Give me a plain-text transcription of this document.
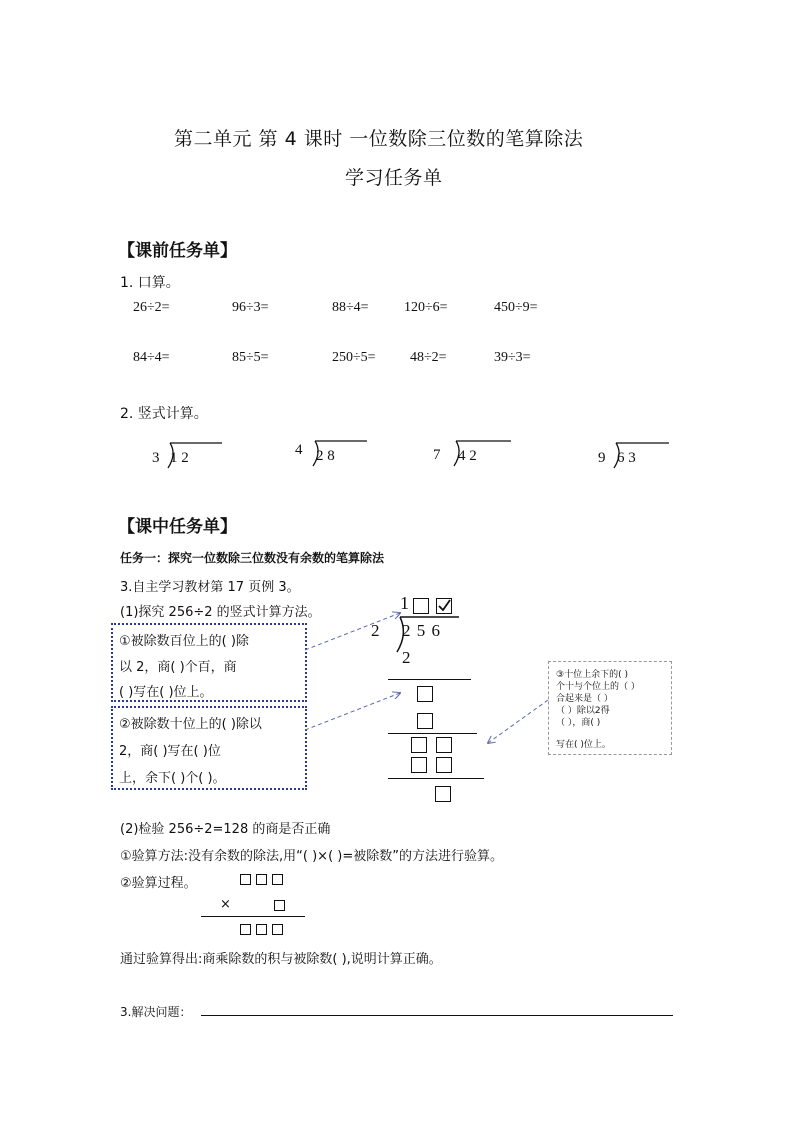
第二单元 第 4 课时 一位数除三位数的笔算除法
学习任务单
【课前任务单】
1. 口算。
26÷2=	96÷3=	88÷4=	120÷6=	450÷9=
84÷4=	85÷5=	250÷5= 48÷2=	39÷3=
2. 竖式计算。
3 1 2	4 2 8	7 4 2	9 6 3
【课中任务单】
任务一：探究一位数除三位数没有余数的笔算除法
3.自主学习教材第 17 页例 3。
(1)探究 256÷2 的竖式计算方法。
①被除数百位上的( )除
以 2，商( )个百，商
( )写在( )位上。
②被除数十位上的( )除以
2，商( )写在( )位
上，余下( )个( )。
1
2 2 5 6
2
③十位上余下的( )
个十与个位上的（ ）
合起来是（ ）
（ ）除以2得
（ ），商( )
写在( )位上。
(2)检验 256÷2=128 的商是否正确
①验算方法:没有余数的除法,用“( )×( )=被除数”的方法进行验算。
②验算过程。
×
通过验算得出:商乘除数的积与被除数( ),说明计算正确。
3.解决问题：
